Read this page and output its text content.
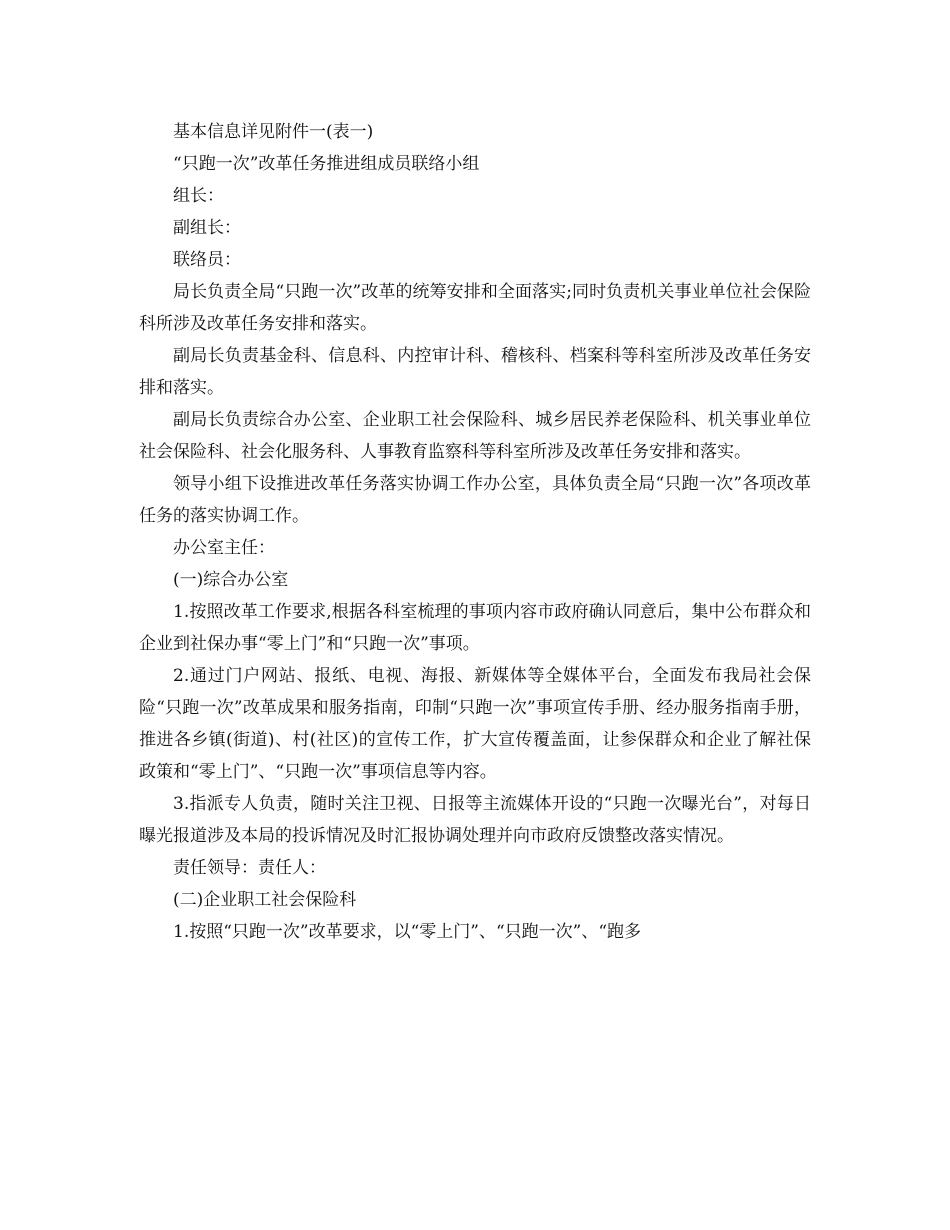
基本信息详见附件一(表一)

“只跑一次”改革任务推进组成员联络小组

组长：

副组长：

联络员：

局长负责全局“只跑一次”改革的统筹安排和全面落实;同时负责机关事业单位社会保险科所涉及改革任务安排和落实。

副局长负责基金科、信息科、内控审计科、稽核科、档案科等科室所涉及改革任务安排和落实。

副局长负责综合办公室、企业职工社会保险科、城乡居民养老保险科、机关事业单位社会保险科、社会化服务科、人事教育监察科等科室所涉及改革任务安排和落实。

领导小组下设推进改革任务落实协调工作办公室，具体负责全局“只跑一次”各项改革任务的落实协调工作。

办公室主任：

(一)综合办公室

1.按照改革工作要求,根据各科室梳理的事项内容市政府确认同意后，集中公布群众和企业到社保办事“零上门”和“只跑一次”事项。

2.通过门户网站、报纸、电视、海报、新媒体等全媒体平台，全面发布我局社会保险“只跑一次”改革成果和服务指南，印制“只跑一次”事项宣传手册、经办服务指南手册，推进各乡镇(街道)、村(社区)的宣传工作，扩大宣传覆盖面，让参保群众和企业了解社保政策和“零上门”、“只跑一次”事项信息等内容。

3.指派专人负责，随时关注卫视、日报等主流媒体开设的“只跑一次曝光台”，对每日曝光报道涉及本局的投诉情况及时汇报协调处理并向市政府反馈整改落实情况。

责任领导：责任人：

(二)企业职工社会保险科

1.按照“只跑一次”改革要求，以“零上门”、“只跑一次”、“跑多
